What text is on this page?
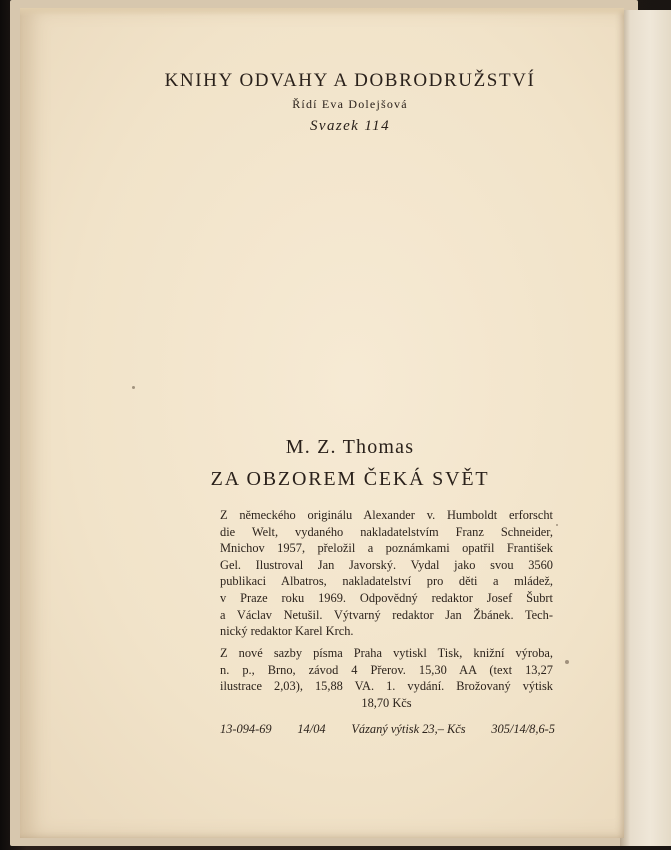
KNIHY ODVAHY A DOBRODRUŽSTVÍ
Řídí Eva Dolejšová
Svazek 114
M. Z. Thomas
ZA OBZOREM ČEKÁ SVĚT
Z německého originálu Alexander v. Humboldt erforscht
die Welt, vydaného nakladatelstvím Franz Schneider,
Mnichov 1957, přeložil a poznámkami opatřil František
Gel. Ilustroval Jan Javorský. Vydal jako svou 3560
publikaci Albatros, nakladatelství pro děti a mládež,
v Praze roku 1969. Odpovědný redaktor Josef Šubrt
a Václav Netušil. Výtvarný redaktor Jan Žbánek. Tech-
nický redaktor Karel Krch.
Z nové sazby písma Praha vytiskl Tisk, knižní výroba,
n. p., Brno, závod 4 Přerov. 15,30 AA (text 13,27
ilustrace 2,03), 15,88 VA. 1. vydání. Brožovaný výtisk
18,70 Kčs
13-094-69 14/04 Vázaný výtisk 23,– Kčs 305/14/8,6-5
